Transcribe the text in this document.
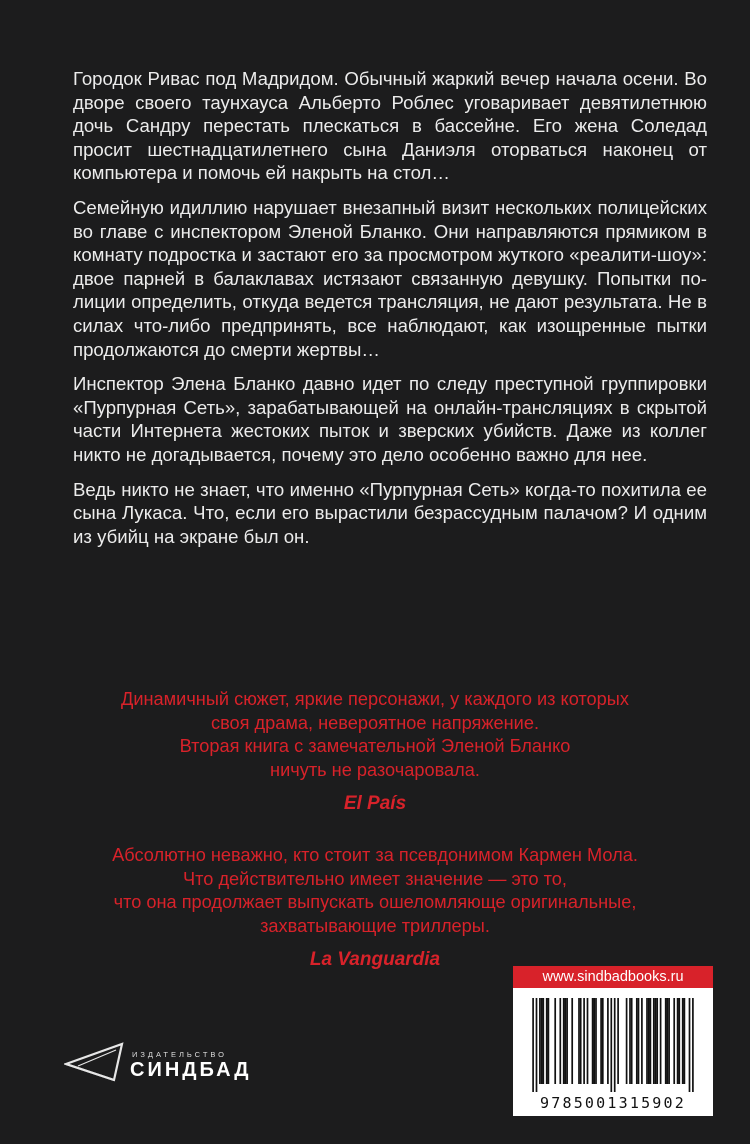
Городок Ривас под Мадридом. Обычный жаркий вечер начала осени. Во дворе своего таунхауса Альберто Роблес уговаривает девятилетнюю дочь Сандру перестать плескаться в бассейне. Его жена Соледад просит шестнадцатилетнего сына Даниэля оторваться наконец от компьютера и помочь ей накрыть на стол…

Семейную идиллию нарушает внезапный визит нескольких полицейских во главе с инспектором Эленой Бланко. Они направляются прямиком в комнату подростка и застают его за просмотром жуткого «реалити-шоу»: двое парней в балаклавах истязают связанную девушку. Попытки полиции определить, откуда ведется трансляция, не дают результата. Не в силах что-либо предпринять, все наблюдают, как изощренные пытки продолжаются до смерти жертвы…

Инспектор Элена Бланко давно идет по следу преступной группировки «Пурпурная Сеть», зарабатывающей на онлайн-трансляциях в скрытой части Интернета жестоких пыток и зверских убийств. Даже из коллег никто не догадывается, почему это дело особенно важно для нее.

Ведь никто не знает, что именно «Пурпурная Сеть» когда-то похитила ее сына Лукаса. Что, если его вырастили безрассудным палачом? И одним из убийц на экране был он.

Динамичный сюжет, яркие персонажи, у каждого из которых
своя драма, невероятное напряжение.
Вторая книга с замечательной Эленой Бланко
ничуть не разочаровала.

El País

Абсолютно неважно, кто стоит за псевдонимом Кармен Мола.
Что действительно имеет значение — это то,
что она продолжает выпускать ошеломляюще оригинальные,
захватывающие триллеры.

La Vanguardia

ИЗДАТЕЛЬСТВО
СИНДБАД
www.sindbadbooks.ru
9785001315902
